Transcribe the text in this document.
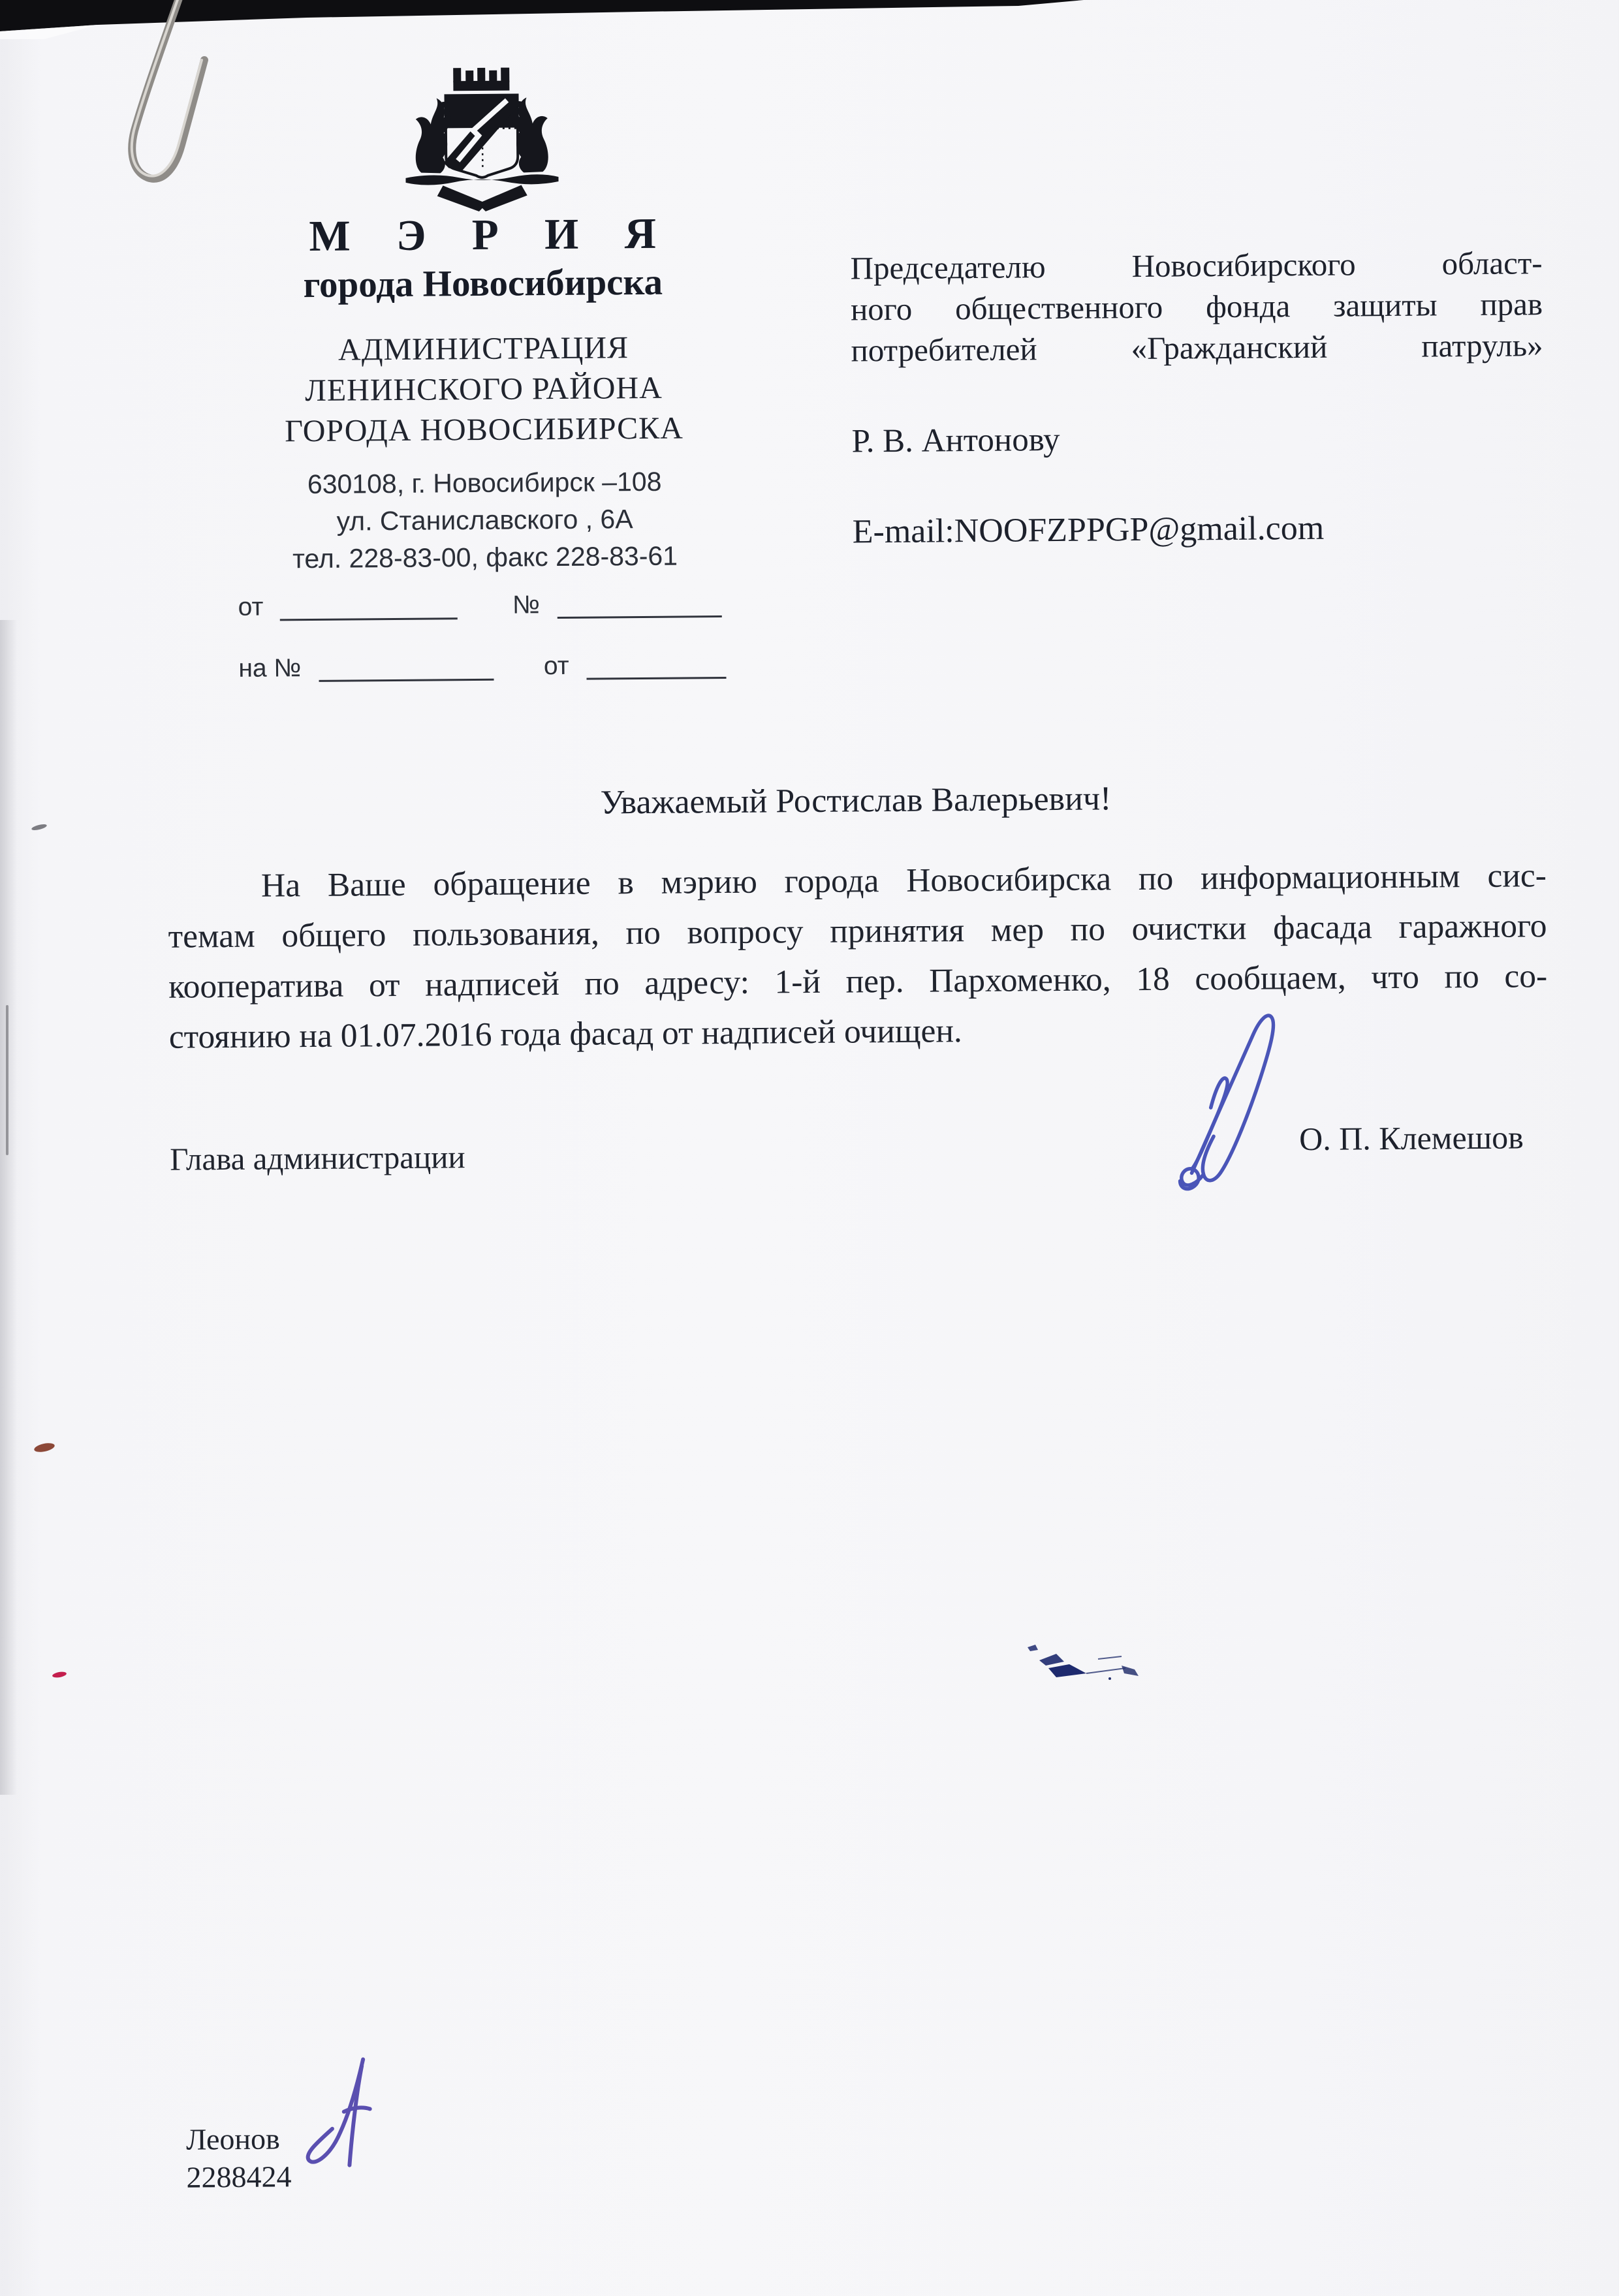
М Э Р И Я
города Новосибирска
АДМИНИСТРАЦИЯ
ЛЕНИНСКОГО РАЙОНА
ГОРОДА НОВОСИБИРСКА
630108, г. Новосибирск –108
ул. Станиславского , 6А
тел. 228-83-00, факс 228-83-61
от	№
на №	от
Председателю Новосибирского област-
ного общественного фонда защиты прав
потребителей «Гражданский патруль»
Р. В. Антонову
E-mail:NOOFZPPGP@gmail.com
Уважаемый Ростислав Валерьевич!
На Ваше обращение в мэрию города Новосибирска по информационным сис-
темам общего пользования, по вопросу принятия мер по очистки фасада гаражного
кооператива от надписей по адресу: 1-й пер. Пархоменко, 18 сообщаем, что по со-
стоянию на 01.07.2016 года фасад от надписей очищен.
Глава администрации
О. П. Клемешов
Леонов
2288424
